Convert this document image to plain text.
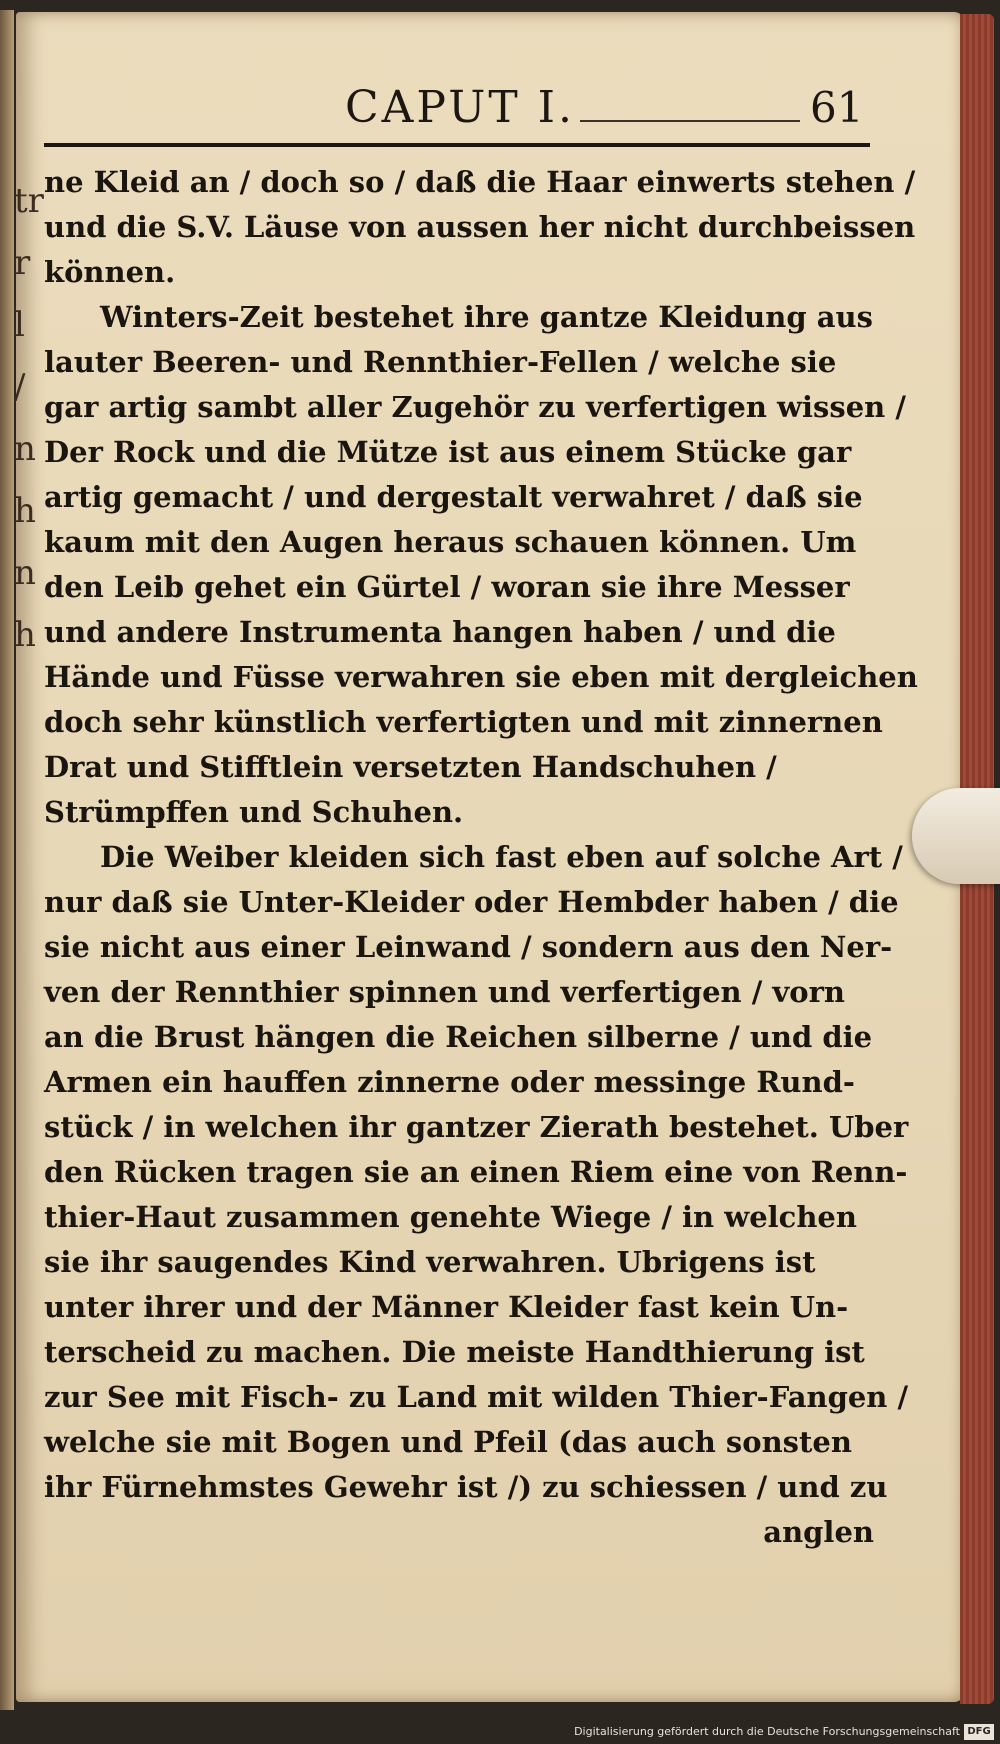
tr
r
l
/
n
h
n
h
CAPUT I.	61
ne Kleid an / doch so / daß die Haar einwerts stehen /
und die S.V. Läuse von aussen her nicht durchbeissen
können.
Winters-Zeit bestehet ihre gantze Kleidung aus
lauter Beeren- und Rennthier-Fellen / welche sie
gar artig sambt aller Zugehör zu verfertigen wissen /
Der Rock und die Mütze ist aus einem Stücke gar
artig gemacht / und dergestalt verwahret / daß sie
kaum mit den Augen heraus schauen können. Um
den Leib gehet ein Gürtel / woran sie ihre Messer
und andere Instrumenta hangen haben / und die
Hände und Füsse verwahren sie eben mit dergleichen
doch sehr künstlich verfertigten und mit zinnernen
Drat und Stifftlein versetzten Handschuhen /
Strümpffen und Schuhen.
Die Weiber kleiden sich fast eben auf solche Art /
nur daß sie Unter-Kleider oder Hembder haben / die
sie nicht aus einer Leinwand / sondern aus den Ner-
ven der Rennthier spinnen und verfertigen / vorn
an die Brust hängen die Reichen silberne / und die
Armen ein hauffen zinnerne oder messinge Rund-
stück / in welchen ihr gantzer Zierath bestehet. Uber
den Rücken tragen sie an einen Riem eine von Renn-
thier-Haut zusammen genehte Wiege / in welchen
sie ihr saugendes Kind verwahren. Ubrigens ist
unter ihrer und der Männer Kleider fast kein Un-
terscheid zu machen. Die meiste Handthierung ist
zur See mit Fisch- zu Land mit wilden Thier-Fangen /
welche sie mit Bogen und Pfeil (das auch sonsten
ihr Fürnehmstes Gewehr ist /) zu schiessen / und zu
anglen
Digitalisierung gefördert durch die Deutsche Forschungsgemeinschaft DFG
